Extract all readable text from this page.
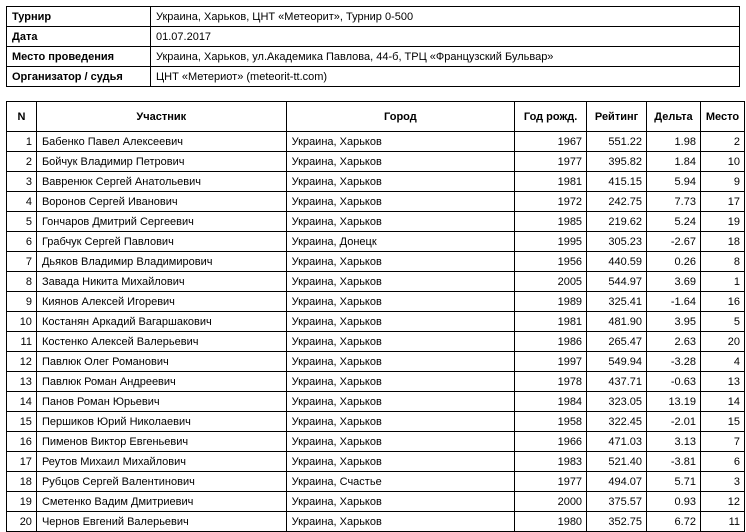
Турнир	Украина, Харьков, ЦНТ «Метеорит», Турнир 0-500
Дата	01.07.2017
Место проведения	Украина, Харьков, ул.Академика Павлова, 44-б, ТРЦ «Французский Бульвар»
Организатор / судья	ЦНТ «Метериот» (meteorit-tt.com)
N	Участник	Город	Год рожд.	Рейтинг	Дельта	Место
1	Бабенко Павел Алексеевич	Украина, Харьков	1967	551.22	1.98	2
2	Бойчук Владимир Петрович	Украина, Харьков	1977	395.82	1.84	10
3	Вавренюк Сергей Анатольевич	Украина, Харьков	1981	415.15	5.94	9
4	Воронов Сергей Иванович	Украина, Харьков	1972	242.75	7.73	17
5	Гончаров Дмитрий Сергеевич	Украина, Харьков	1985	219.62	5.24	19
6	Грабчук Сергей Павлович	Украина, Донецк	1995	305.23	-2.67	18
7	Дьяков Владимир Владимирович	Украина, Харьков	1956	440.59	0.26	8
8	Завада Никита Михайлович	Украина, Харьков	2005	544.97	3.69	1
9	Киянов Алексей Игоревич	Украина, Харьков	1989	325.41	-1.64	16
10	Костанян Аркадий Вагаршакович	Украина, Харьков	1981	481.90	3.95	5
11	Костенко Алексей Валерьевич	Украина, Харьков	1986	265.47	2.63	20
12	Павлюк Олег Романович	Украина, Харьков	1997	549.94	-3.28	4
13	Павлюк Роман Андреевич	Украина, Харьков	1978	437.71	-0.63	13
14	Панов Роман Юрьевич	Украина, Харьков	1984	323.05	13.19	14
15	Першиков Юрий Николаевич	Украина, Харьков	1958	322.45	-2.01	15
16	Пименов Виктор Евгеньевич	Украина, Харьков	1966	471.03	3.13	7
17	Реутов Михаил Михайлович	Украина, Харьков	1983	521.40	-3.81	6
18	Рубцов Сергей Валентинович	Украина, Счастье	1977	494.07	5.71	3
19	Сметенко Вадим Дмитриевич	Украина, Харьков	2000	375.57	0.93	12
20	Чернов Евгений Валерьевич	Украина, Харьков	1980	352.75	6.72	11
